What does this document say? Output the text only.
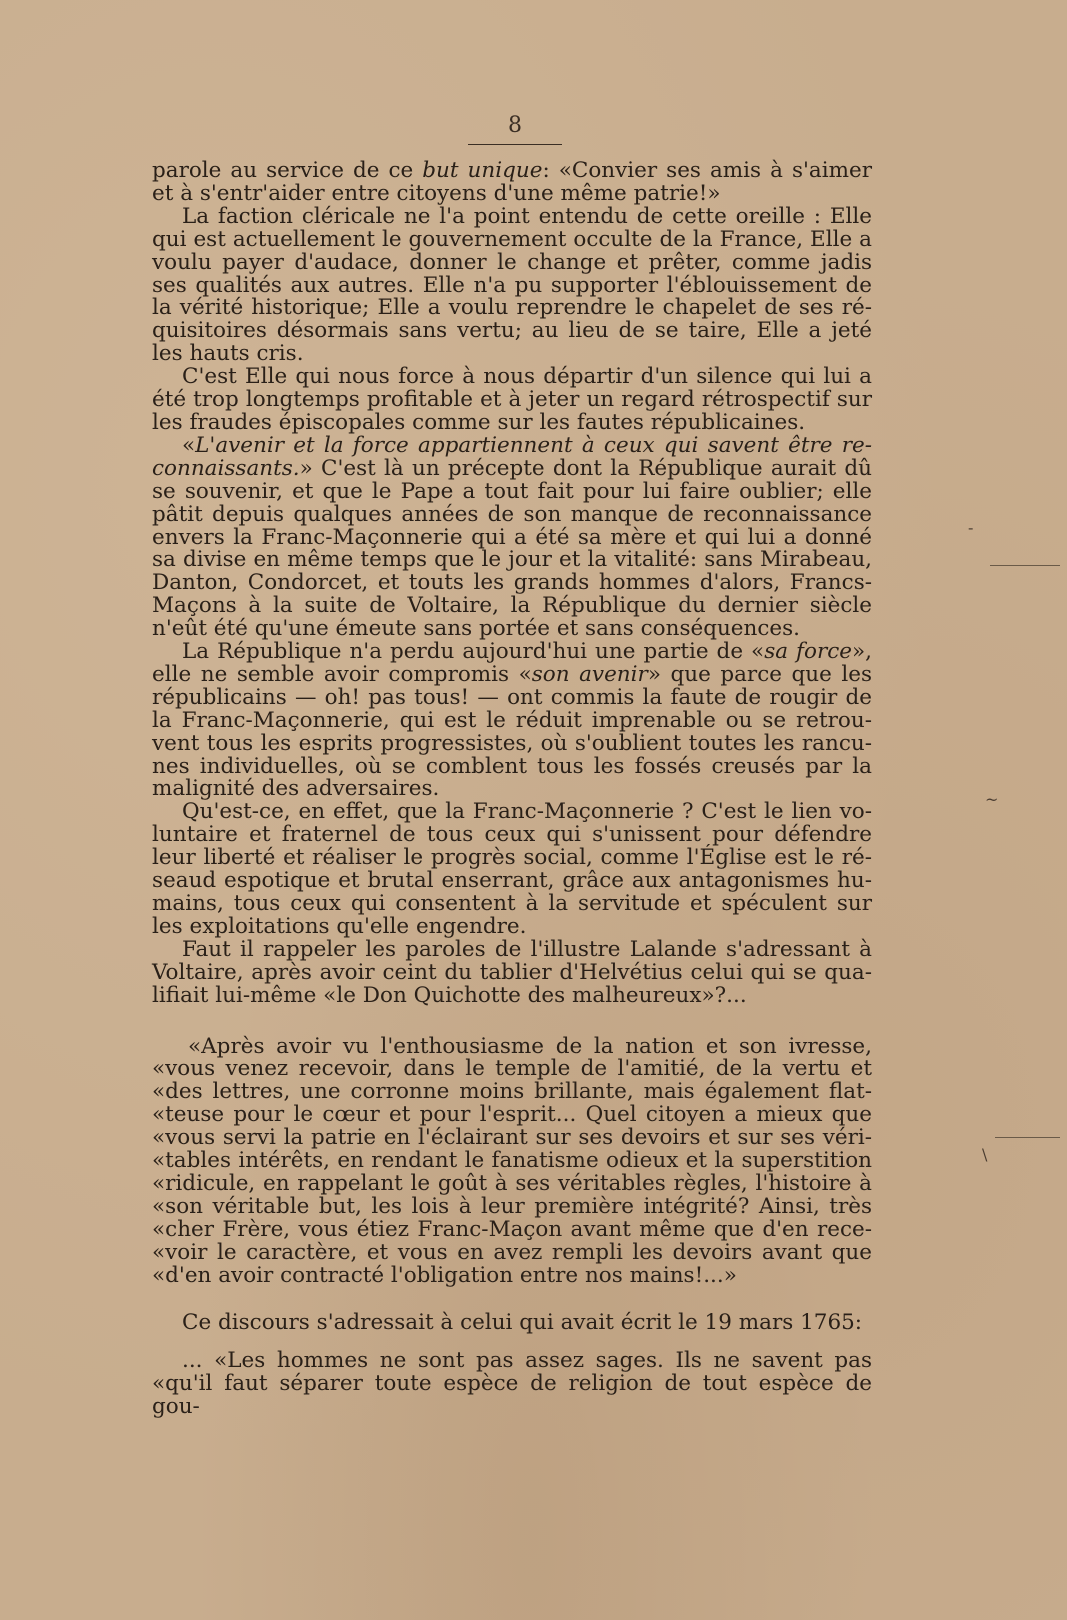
8

parole au service de ce but unique: «Convier ses amis à s'aimer et à s'entr'aider entre citoyens d'une même patrie!»

La faction cléricale ne l'a point entendu de cette oreille : Elle qui est actuellement le gouvernement occulte de la France, Elle a voulu payer d'audace, donner le change et prêter, comme jadis ses qualités aux autres. Elle n'a pu supporter l'éblouissement de la vérité historique; Elle a voulu reprendre le chapelet de ses ré- quisitoires désormais sans vertu; au lieu de se taire, Elle a jeté les hauts cris.

C'est Elle qui nous force à nous départir d'un silence qui lui a été trop longtemps profitable et à jeter un regard rétrospectif sur les fraudes épiscopales comme sur les fautes républicaines.

«L'avenir et la force appartiennent à ceux qui savent être re- connaissants.» C'est là un précepte dont la République aurait dû se souvenir, et que le Pape a tout fait pour lui faire oublier; elle pâtit depuis qualques années de son manque de reconnaissance envers la Franc-Maçonnerie qui a été sa mère et qui lui a donné sa divise en même temps que le jour et la vitalité: sans Mirabeau, Danton, Condorcet, et touts les grands hommes d'alors, Francs- Maçons à la suite de Voltaire, la République du dernier siècle n'eût été qu'une émeute sans portée et sans conséquences.

La République n'a perdu aujourd'hui une partie de «sa force», elle ne semble avoir compromis «son avenir» que parce que les républicains — oh! pas tous! — ont commis la faute de rougir de la Franc-Maçonnerie, qui est le réduit imprenable ou se retrou- vent tous les esprits progressistes, où s'oublient toutes les rancu- nes individuelles, où se comblent tous les fossés creusés par la malignité des adversaires.

Qu'est-ce, en effet, que la Franc-Maçonnerie ? C'est le lien vo- luntaire et fraternel de tous ceux qui s'unissent pour défendre leur liberté et réaliser le progrès social, comme l'Église est le ré- seaud espotique et brutal enserrant, grâce aux antagonismes hu- mains, tous ceux qui consentent à la servitude et spéculent sur les exploitations qu'elle engendre.

Faut il rappeler les paroles de l'illustre Lalande s'adressant à Voltaire, après avoir ceint du tablier d'Helvétius celui qui se qua- lifiait lui-même «le Don Quichotte des malheureux»?...

«Après avoir vu l'enthousiasme de la nation et son ivresse, «vous venez recevoir, dans le temple de l'amitié, de la vertu et «des lettres, une corronne moins brillante, mais également flat- «teuse pour le cœur et pour l'esprit... Quel citoyen a mieux que «vous servi la patrie en l'éclairant sur ses devoirs et sur ses véri- «tables intérêts, en rendant le fanatisme odieux et la superstition «ridicule, en rappelant le goût à ses véritables règles, l'histoire à «son véritable but, les lois à leur première intégrité? Ainsi, très «cher Frère, vous étiez Franc-Maçon avant même que d'en rece- «voir le caractère, et vous en avez rempli les devoirs avant que «d'en avoir contracté l'obligation entre nos mains!...»

Ce discours s'adressait à celui qui avait écrit le 19 mars 1765:

... «Les hommes ne sont pas assez sages. Ils ne savent pas «qu'il faut séparer toute espèce de religion de tout espèce de gou-

-
~
\
